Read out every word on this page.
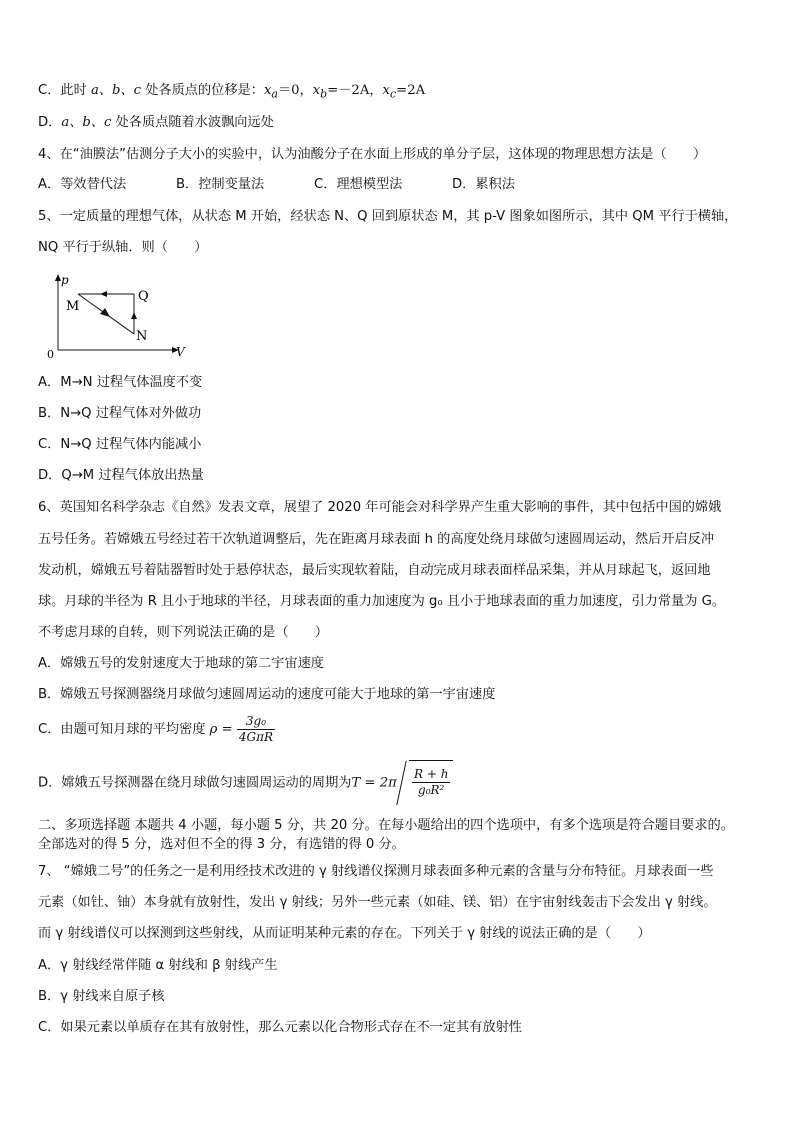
C．此时 a、b、c 处各质点的位移是：$x_a=0$，$x_b=-2A$，$x_c=2A$
D．a、b、c 处各质点随着水波飘向远处
4、在“油膜法”估测分子大小的实验中，认为油酸分子在水面上形成的单分子层，这体现的物理思想方法是（　　）
A．等效替代法	B．控制变量法	C．理想模型法	D．累积法
5、一定质量的理想气体，从状态 M 开始，经状态 N、Q 回到原状态 M，其 p-V 图象如图所示，其中 QM 平行于横轴，
NQ 平行于纵轴．则（　　）
p
V
0
M
Q
N
A．M→N 过程气体温度不变
B．N→Q 过程气体对外做功
C．N→Q 过程气体内能减小
D．Q→M 过程气体放出热量
6、英国知名科学杂志《自然》发表文章，展望了 2020 年可能会对科学界产生重大影响的事件，其中包括中国的嫦娥
五号任务。若嫦娥五号经过若干次轨道调整后，先在距离月球表面 h 的高度处绕月球做匀速圆周运动，然后开启反冲
发动机，嫦娥五号着陆器暂时处于悬停状态，最后实现软着陆，自动完成月球表面样品采集，并从月球起飞，返回地
球。月球的半径为 R 且小于地球的半径，月球表面的重力加速度为 g₀ 且小于地球表面的重力加速度，引力常量为 G。
不考虑月球的自转，则下列说法正确的是（　　）
A．嫦娥五号的发射速度大于地球的第二宇宙速度
B．嫦娥五号探测器绕月球做匀速圆周运动的速度可能大于地球的第一宇宙速度
C．由题可知月球的平均密度 $\rho = \frac{\text{3g₀}}{\text{4GπR}}$
D．嫦娥五号探测器在绕月球做匀速圆周运动的周期为$T = 2\pi \frac{R + h}{\text{g₀R²}}$
二、多项选择题 本题共 4 小题，每小题 5 分，共 20 分。在每小题给出的四个选项中，有多个选项是符合题目要求的。
全部选对的得 5 分，选对但不全的得 3 分，有选错的得 0 分。
7、 “嫦娥二号”的任务之一是利用经技术改进的 γ 射线谱仪探测月球表面多种元素的含量与分布特征。月球表面一些
元素（如钍、铀）本身就有放射性，发出 γ 射线；另外一些元素（如硅、镁、铝）在宇宙射线轰击下会发出 γ 射线。
而 γ 射线谱仪可以探测到这些射线，从而证明某种元素的存在。下列关于 γ 射线的说法正确的是（　　）
A．γ 射线经常伴随 α 射线和 β 射线产生
B．γ 射线来自原子核
C．如果元素以单质存在其有放射性，那么元素以化合物形式存在不一定其有放射性
